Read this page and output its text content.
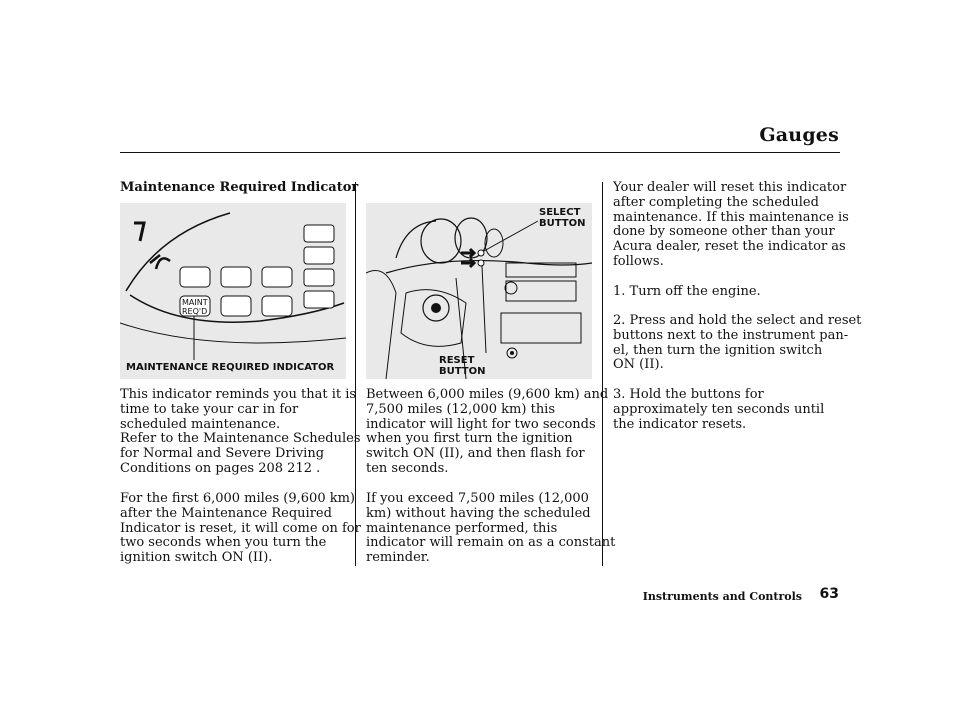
Gauges
Maintenance Required Indicator
MAINT
REQ'D
MAINTENANCE REQUIRED INDICATOR
This indicator reminds you that it is
time to take your car in for
scheduled maintenance.
Refer to the Maintenance Schedules
for Normal and Severe Driving
Conditions on pages 208 212 .
For the first 6,000 miles (9,600 km)
after the Maintenance Required
Indicator is reset, it will come on for
two seconds when you turn the
ignition switch ON (II).
SELECT
BUTTON
RESET
BUTTON
Between 6,000 miles (9,600 km) and
7,500 miles (12,000 km) this
indicator will light for two seconds
when you first turn the ignition
switch ON (II), and then flash for
ten seconds.
If you exceed 7,500 miles (12,000
km) without having the scheduled
maintenance performed, this
indicator will remain on as a constant
reminder.
Your dealer will reset this indicator
after completing the scheduled
maintenance. If this maintenance is
done by someone other than your
Acura dealer, reset the indicator as
follows.
1. Turn off the engine.
2. Press and hold the select and reset
buttons next to the instrument pan-
el, then turn the ignition switch
ON (II).
3. Hold the buttons for
approximately ten seconds until
the indicator resets.
Instruments and Controls 63
